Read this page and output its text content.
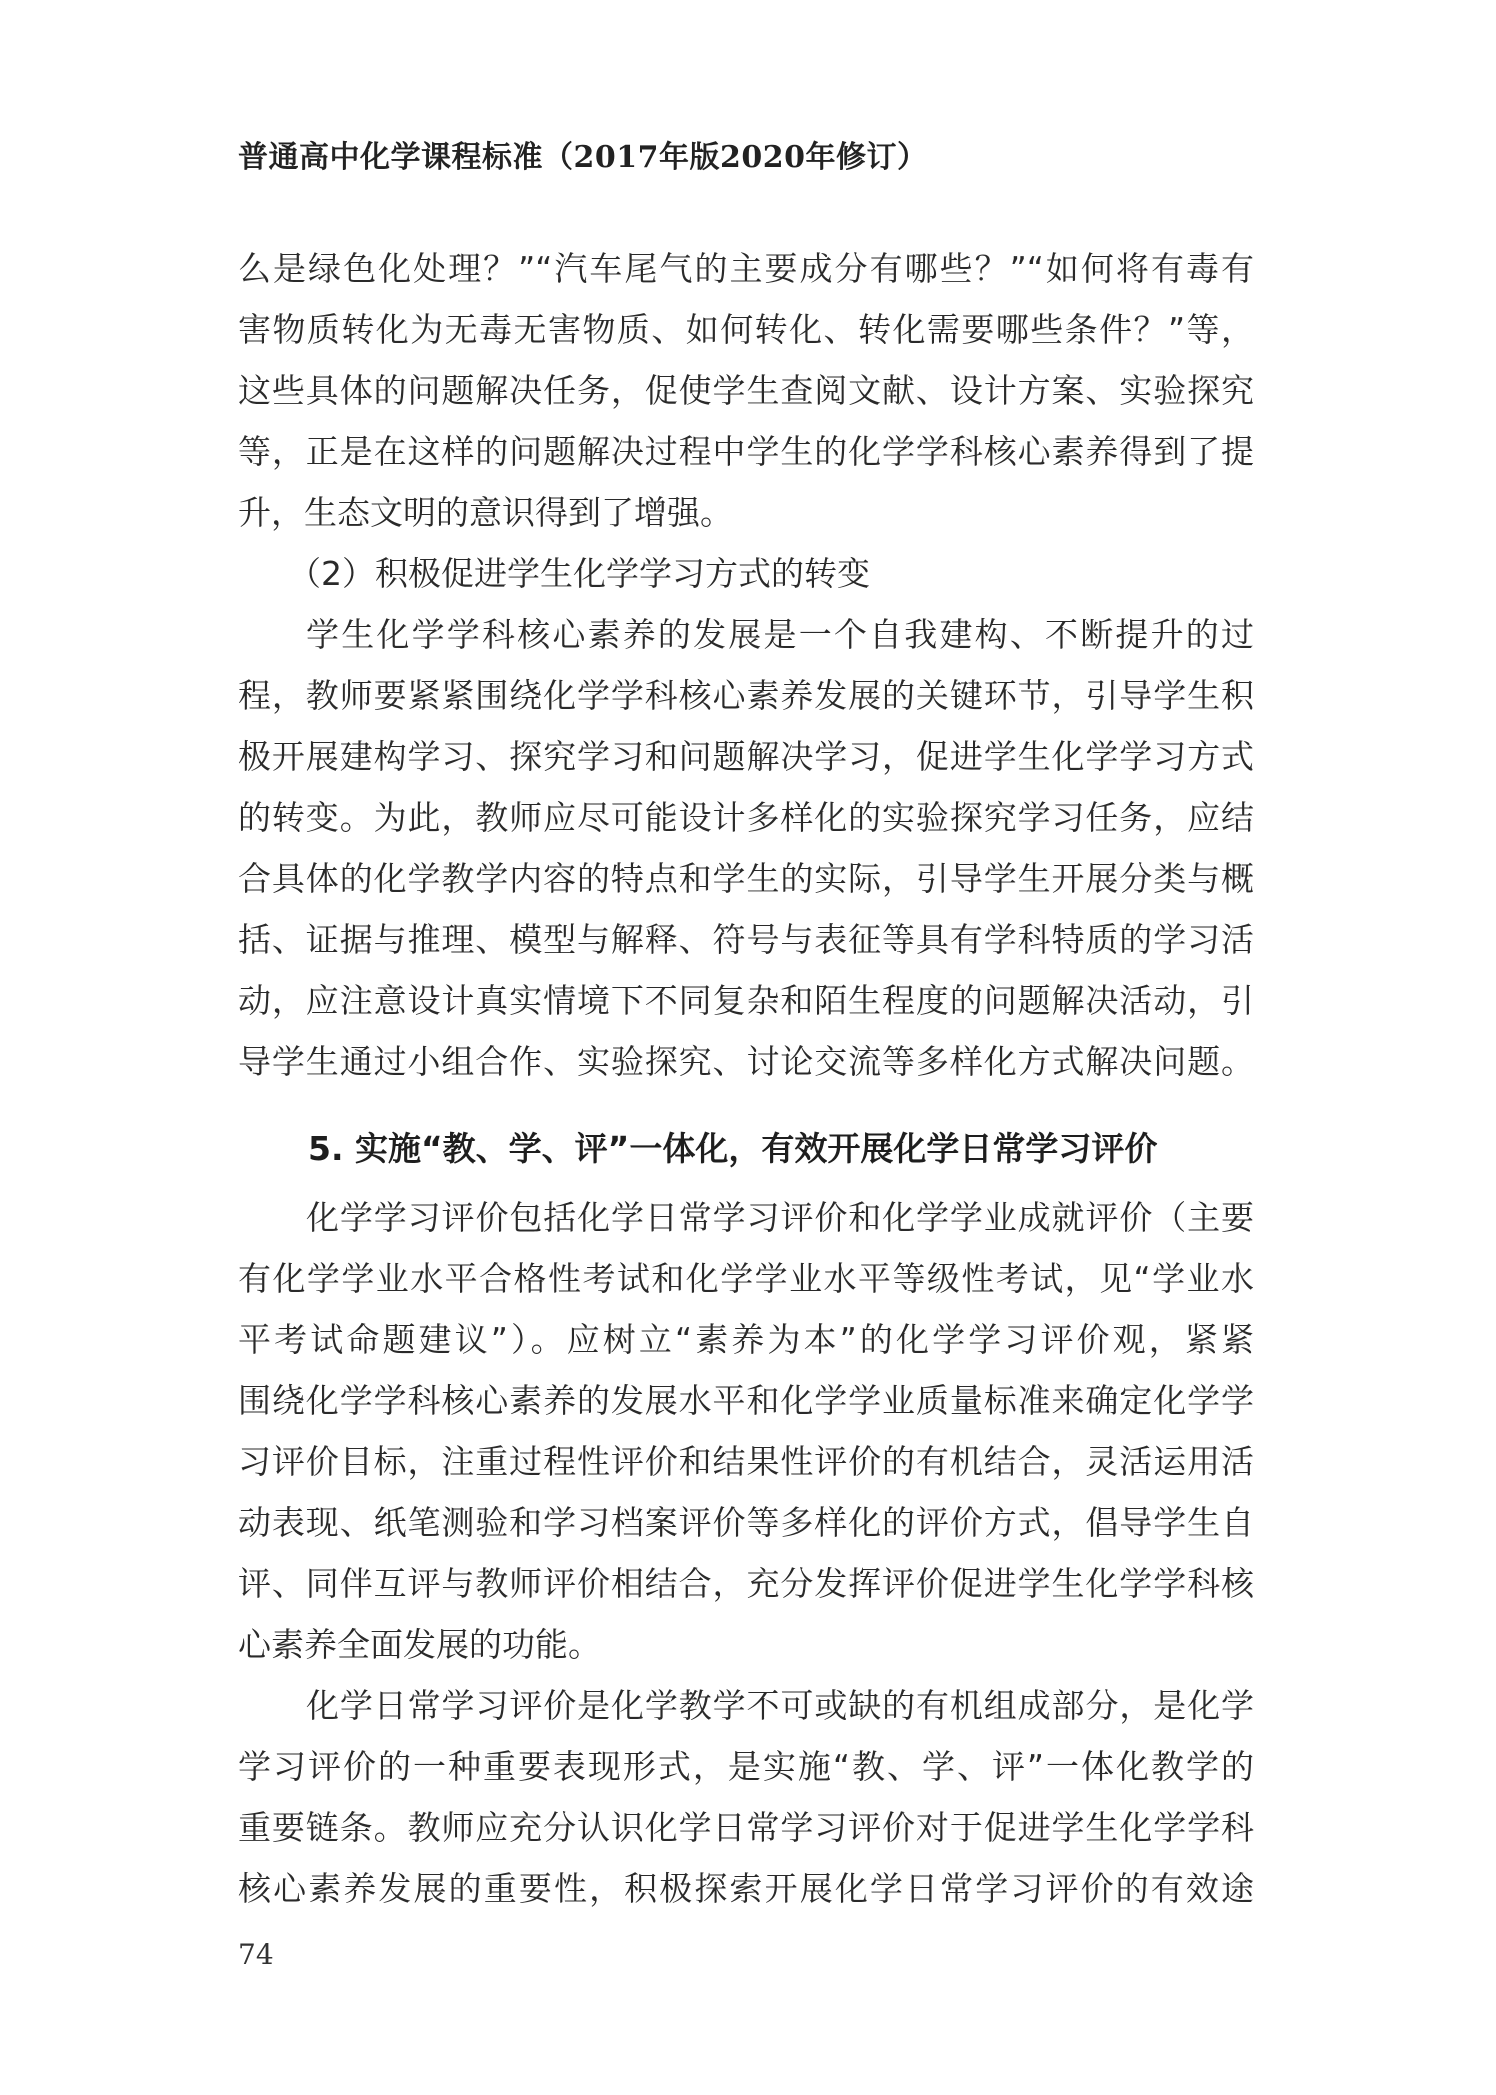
普通高中化学课程标准（2017年版2020年修订）
么是绿色化处理？”“汽车尾气的主要成分有哪些？”“如何将有毒有
害物质转化为无毒无害物质、如何转化、转化需要哪些条件？”等，
这些具体的问题解决任务，促使学生查阅文献、设计方案、实验探究
等，正是在这样的问题解决过程中学生的化学学科核心素养得到了提
升，生态文明的意识得到了增强。
（2）积极促进学生化学学习方式的转变
学生化学学科核心素养的发展是一个自我建构、不断提升的过
程，教师要紧紧围绕化学学科核心素养发展的关键环节，引导学生积
极开展建构学习、探究学习和问题解决学习，促进学生化学学习方式
的转变。为此，教师应尽可能设计多样化的实验探究学习任务，应结
合具体的化学教学内容的特点和学生的实际，引导学生开展分类与概
括、证据与推理、模型与解释、符号与表征等具有学科特质的学习活
动，应注意设计真实情境下不同复杂和陌生程度的问题解决活动，引
导学生通过小组合作、实验探究、讨论交流等多样化方式解决问题。
5. 实施“教、学、评”一体化，有效开展化学日常学习评价
化学学习评价包括化学日常学习评价和化学学业成就评价（主要
有化学学业水平合格性考试和化学学业水平等级性考试，见“学业水
平考试命题建议”）。应树立“素养为本”的化学学习评价观，紧紧
围绕化学学科核心素养的发展水平和化学学业质量标准来确定化学学
习评价目标，注重过程性评价和结果性评价的有机结合，灵活运用活
动表现、纸笔测验和学习档案评价等多样化的评价方式，倡导学生自
评、同伴互评与教师评价相结合，充分发挥评价促进学生化学学科核
心素养全面发展的功能。
化学日常学习评价是化学教学不可或缺的有机组成部分，是化学
学习评价的一种重要表现形式，是实施“教、学、评”一体化教学的
重要链条。教师应充分认识化学日常学习评价对于促进学生化学学科
核心素养发展的重要性，积极探索开展化学日常学习评价的有效途
74
